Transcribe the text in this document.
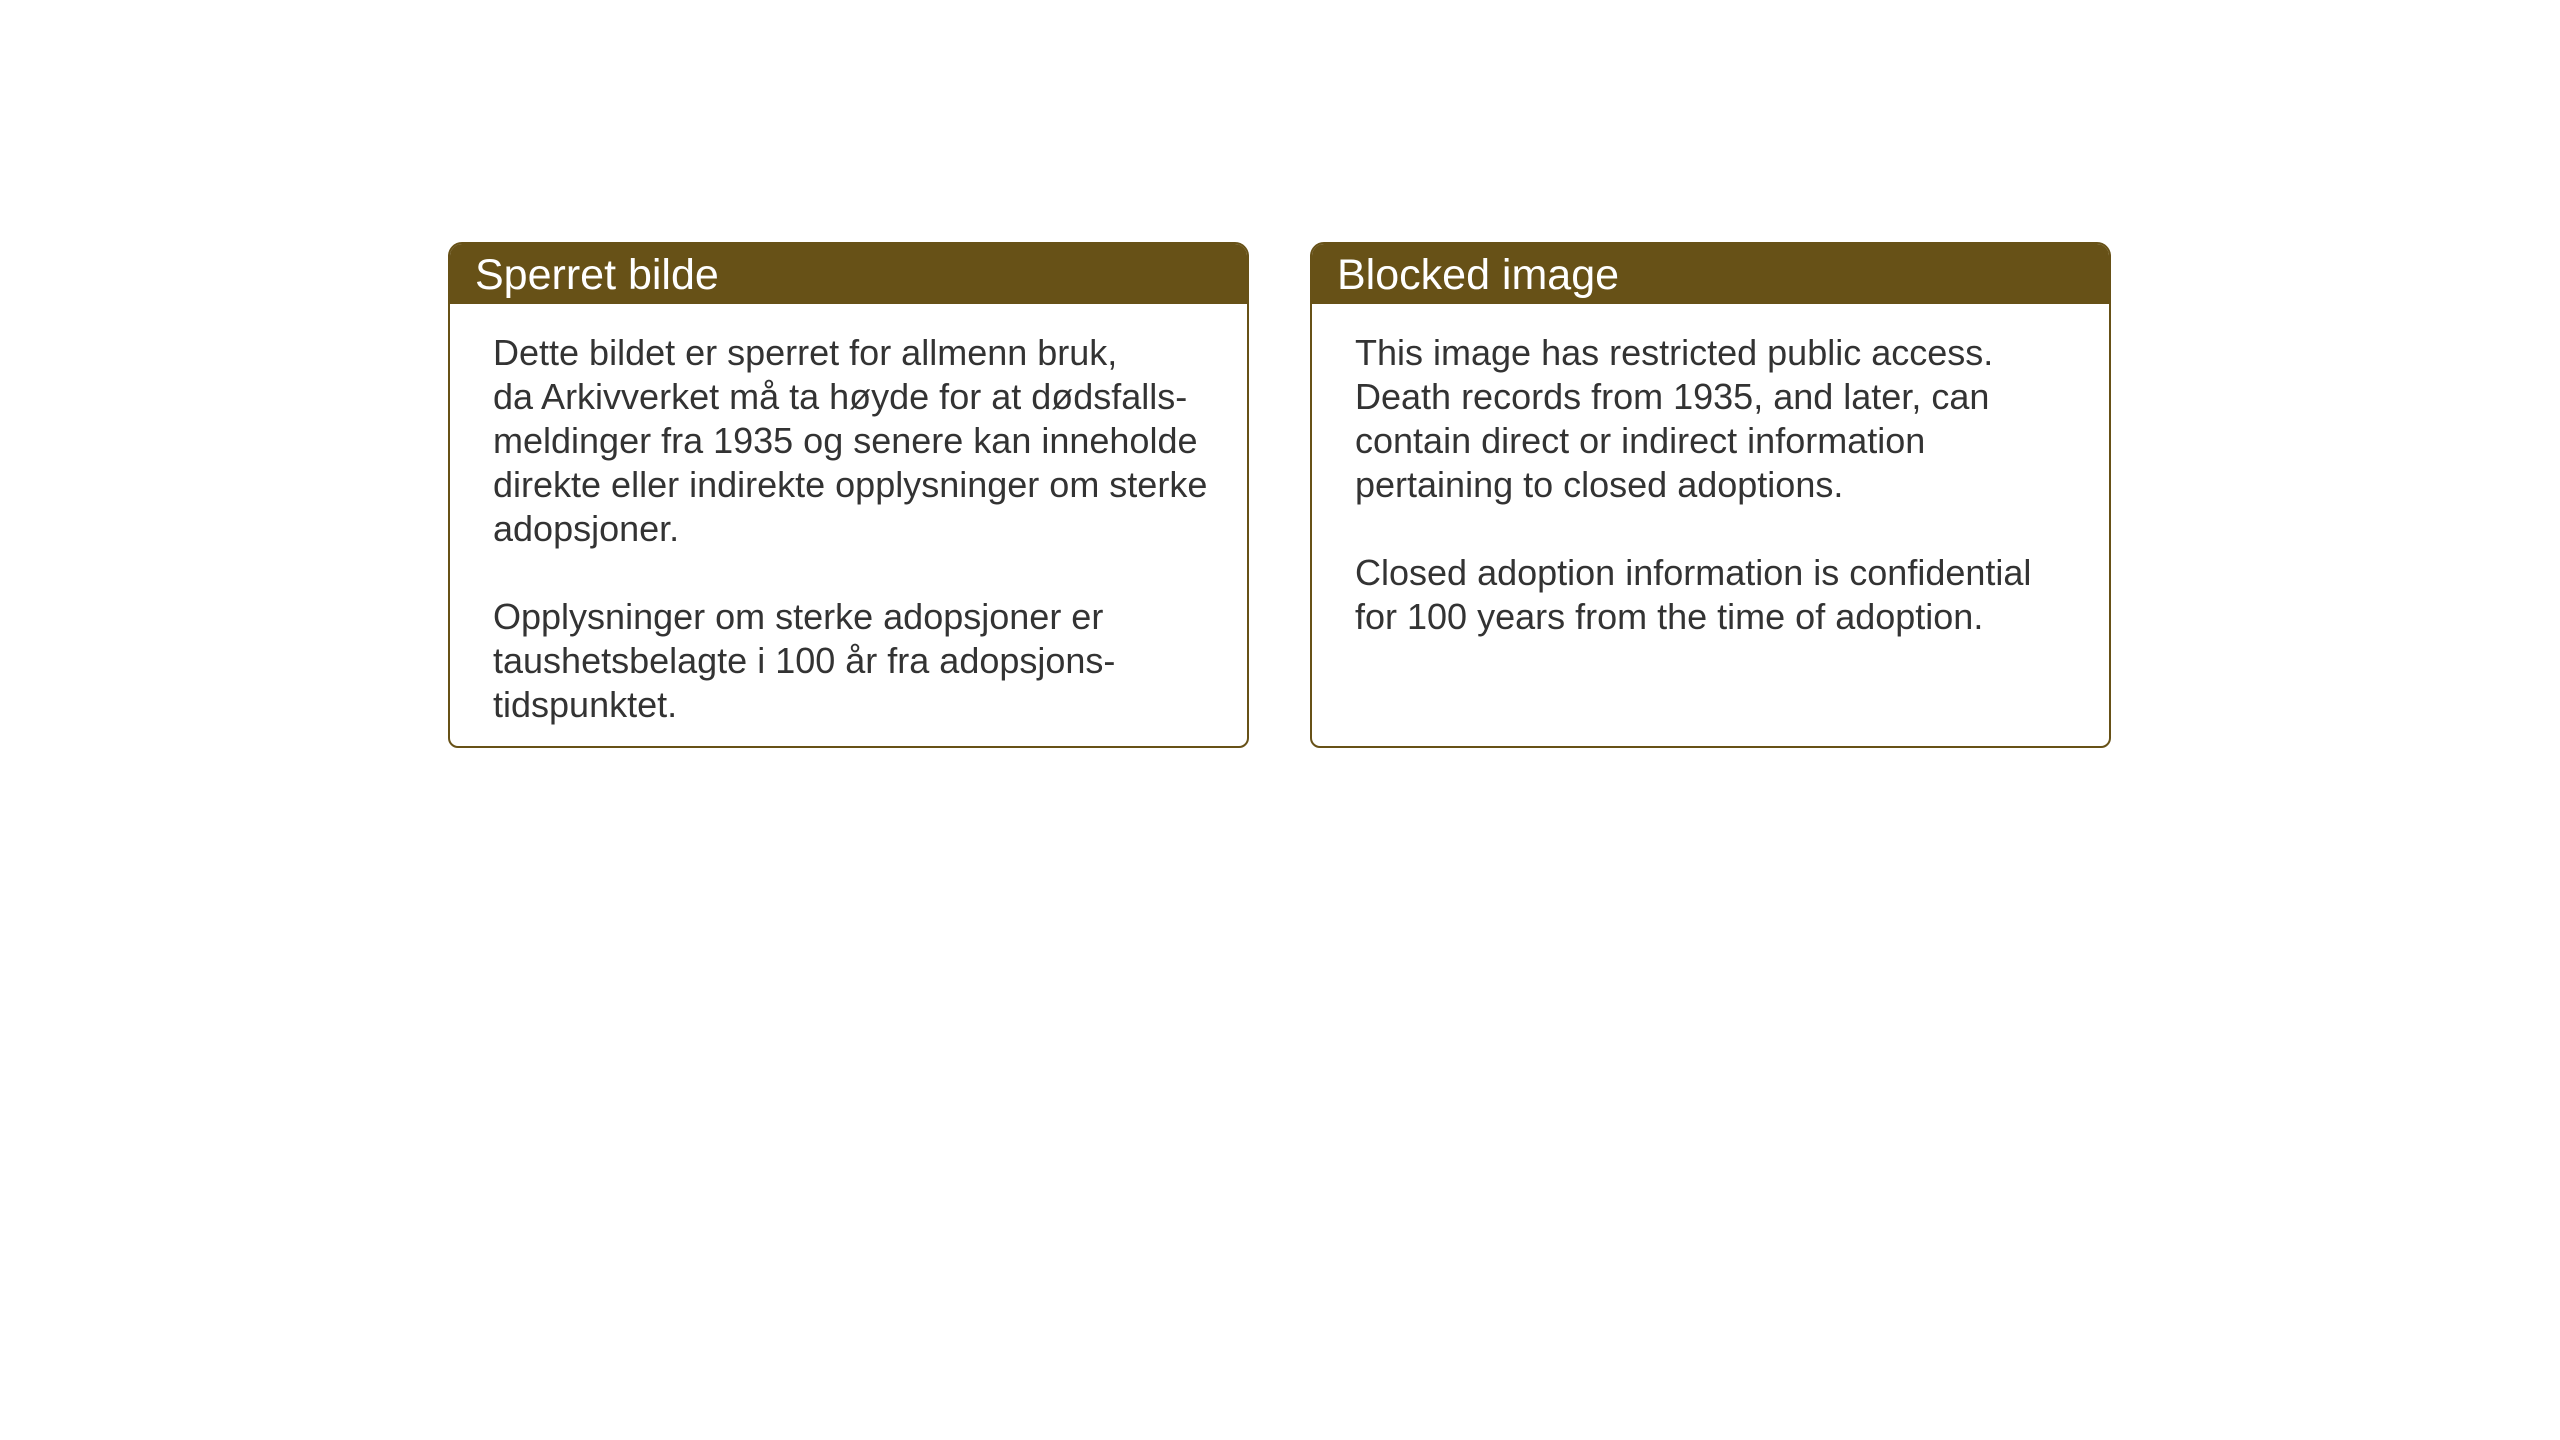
Sperret bilde
Dette bildet er sperret for allmenn bruk,
da Arkivverket må ta høyde for at dødsfalls-
meldinger fra 1935 og senere kan inneholde
direkte eller indirekte opplysninger om sterke
adopsjoner.
Opplysninger om sterke adopsjoner er
taushetsbelagte i 100 år fra adopsjons-
tidspunktet.
Blocked image
This image has restricted public access.
Death records from 1935, and later, can
contain direct or indirect information
pertaining to closed adoptions.
Closed adoption information is confidential
for 100 years from the time of adoption.
